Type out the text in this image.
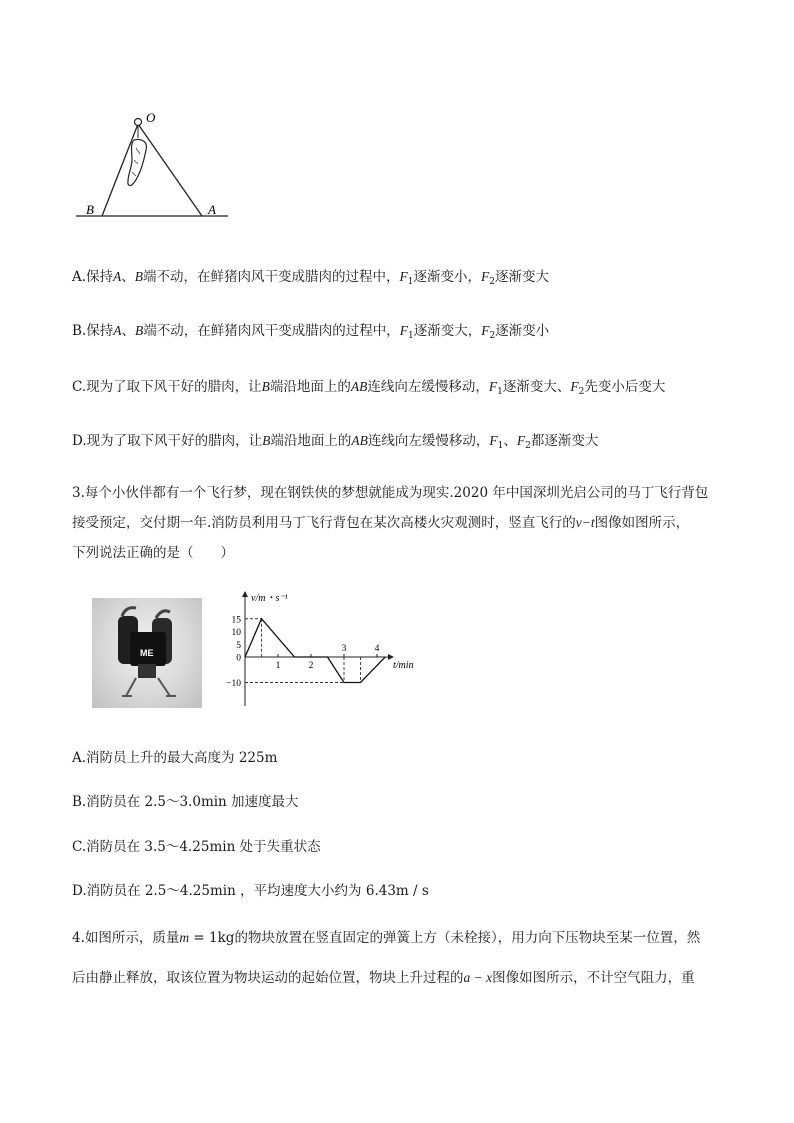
O
B	A
A.保持A、B端不动，在鲜猪肉风干变成腊肉的过程中，$F_1$逐渐变小，$F_2$逐渐变大
B.保持A、B端不动，在鲜猪肉风干变成腊肉的过程中，$F_1$逐渐变大，$F_2$逐渐变小
C.现为了取下风干好的腊肉，让B端沿地面上的AB连线向左缓慢移动，$F_1$逐渐变大、$F_2$先变小后变大
D.现为了取下风干好的腊肉，让B端沿地面上的AB连线向左缓慢移动，$F_1$、$F_2$都逐渐变大
3.每个小伙伴都有一个飞行梦，现在钢铁侠的梦想就能成为现实.2020 年中国深圳光启公司的马丁飞行背包
接受预定，交付期一年.消防员利用马丁飞行背包在某次高楼火灾观测时，竖直飞行的v−t图像如图所示，
下列说法正确的是（　　）
ME
v/m・s⁻¹
t/min
15
10
5
0
−10
1	2
3	4
A.消防员上升的最大高度为 225m
B.消防员在 2.5～3.0min 加速度最大
C.消防员在 3.5～4.25min 处于失重状态
D.消防员在 2.5～4.25min ，平均速度大小约为 6.43m / s
4.如图所示，质量m = 1kg的物块放置在竖直固定的弹簧上方（未栓接），用力向下压物块至某一位置，然
后由静止释放，取该位置为物块运动的起始位置，物块上升过程的a − x图像如图所示，不计空气阻力，重
